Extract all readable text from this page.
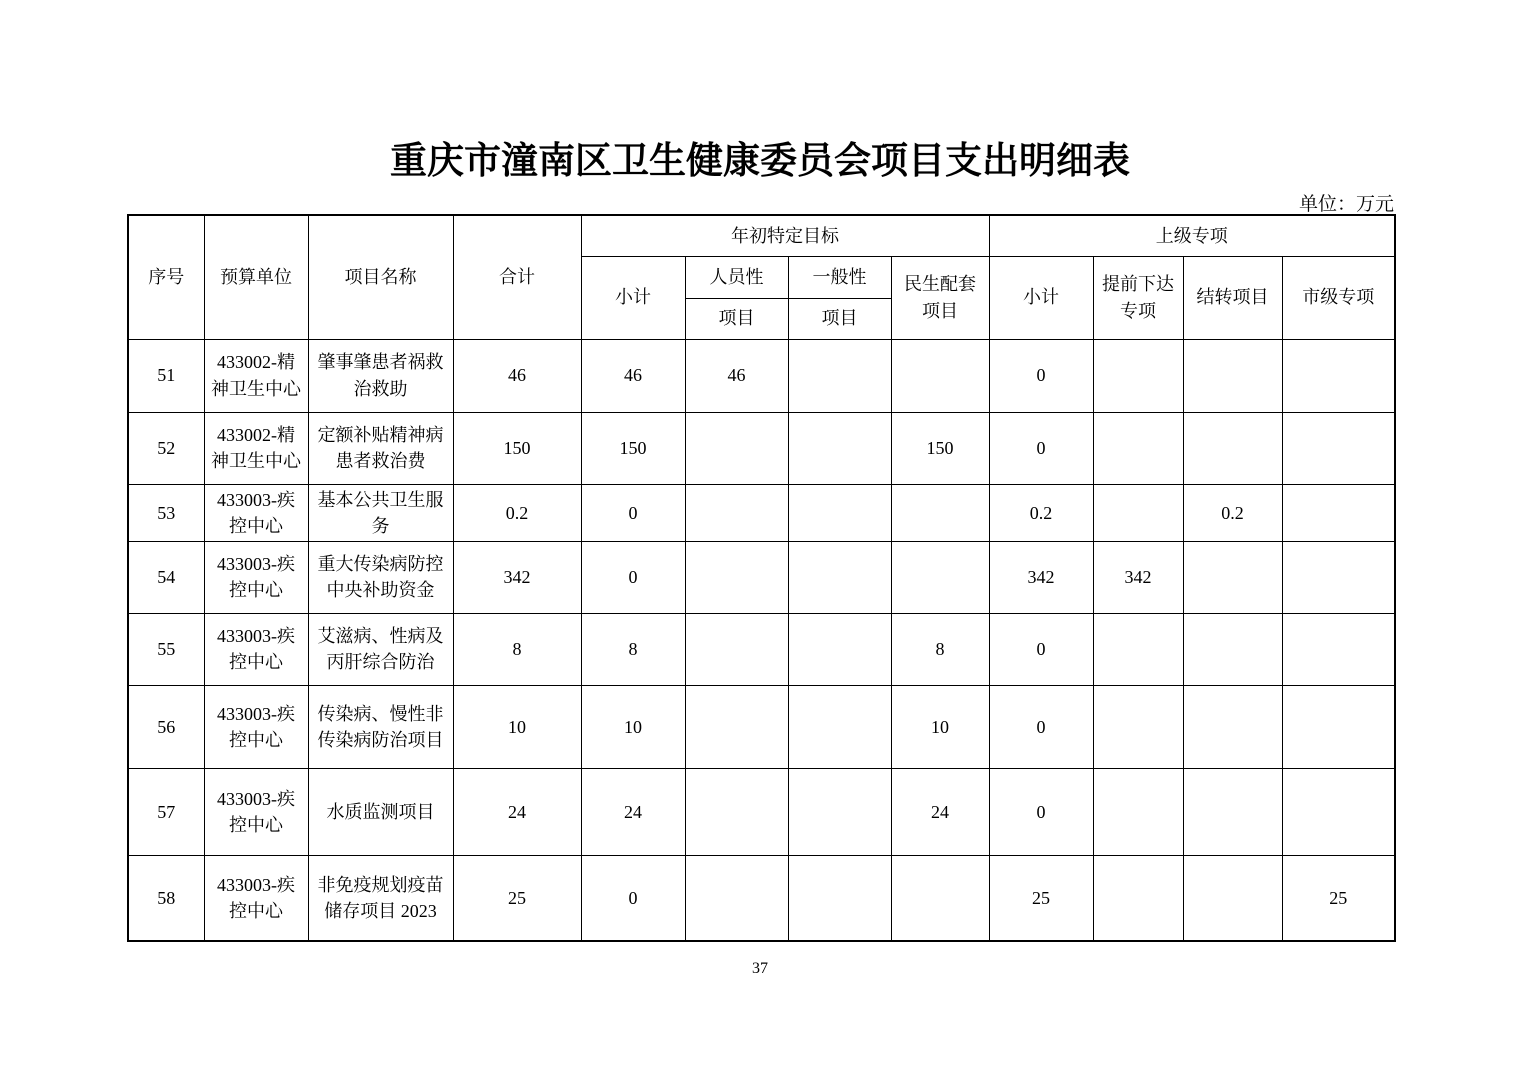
重庆市潼南区卫生健康委员会项目支出明细表
单位：万元
序号	预算单位	项目名称	合计	年初特定目标				上级专项			
				小计	人员性	一般性	民生配套项目	小计	提前下达专项	结转项目	市级专项
					项目	项目					
51	433002-精神卫生中心	肇事肇患者祸救治救助	46	46	46			0			
52	433002-精神卫生中心	定额补贴精神病患者救治费	150	150			150	0			
53	433003-疾控中心	基本公共卫生服务	0.2	0				0.2		0.2	
54	433003-疾控中心	重大传染病防控中央补助资金	342	0				342	342		
55	433003-疾控中心	艾滋病、性病及丙肝综合防治	8	8			8	0			
56	433003-疾控中心	传染病、慢性非传染病防治项目	10	10			10	0			
57	433003-疾控中心	水质监测项目	24	24			24	0			
58	433003-疾控中心	非免疫规划疫苗储存项目 2023	25	0				25			25
37
